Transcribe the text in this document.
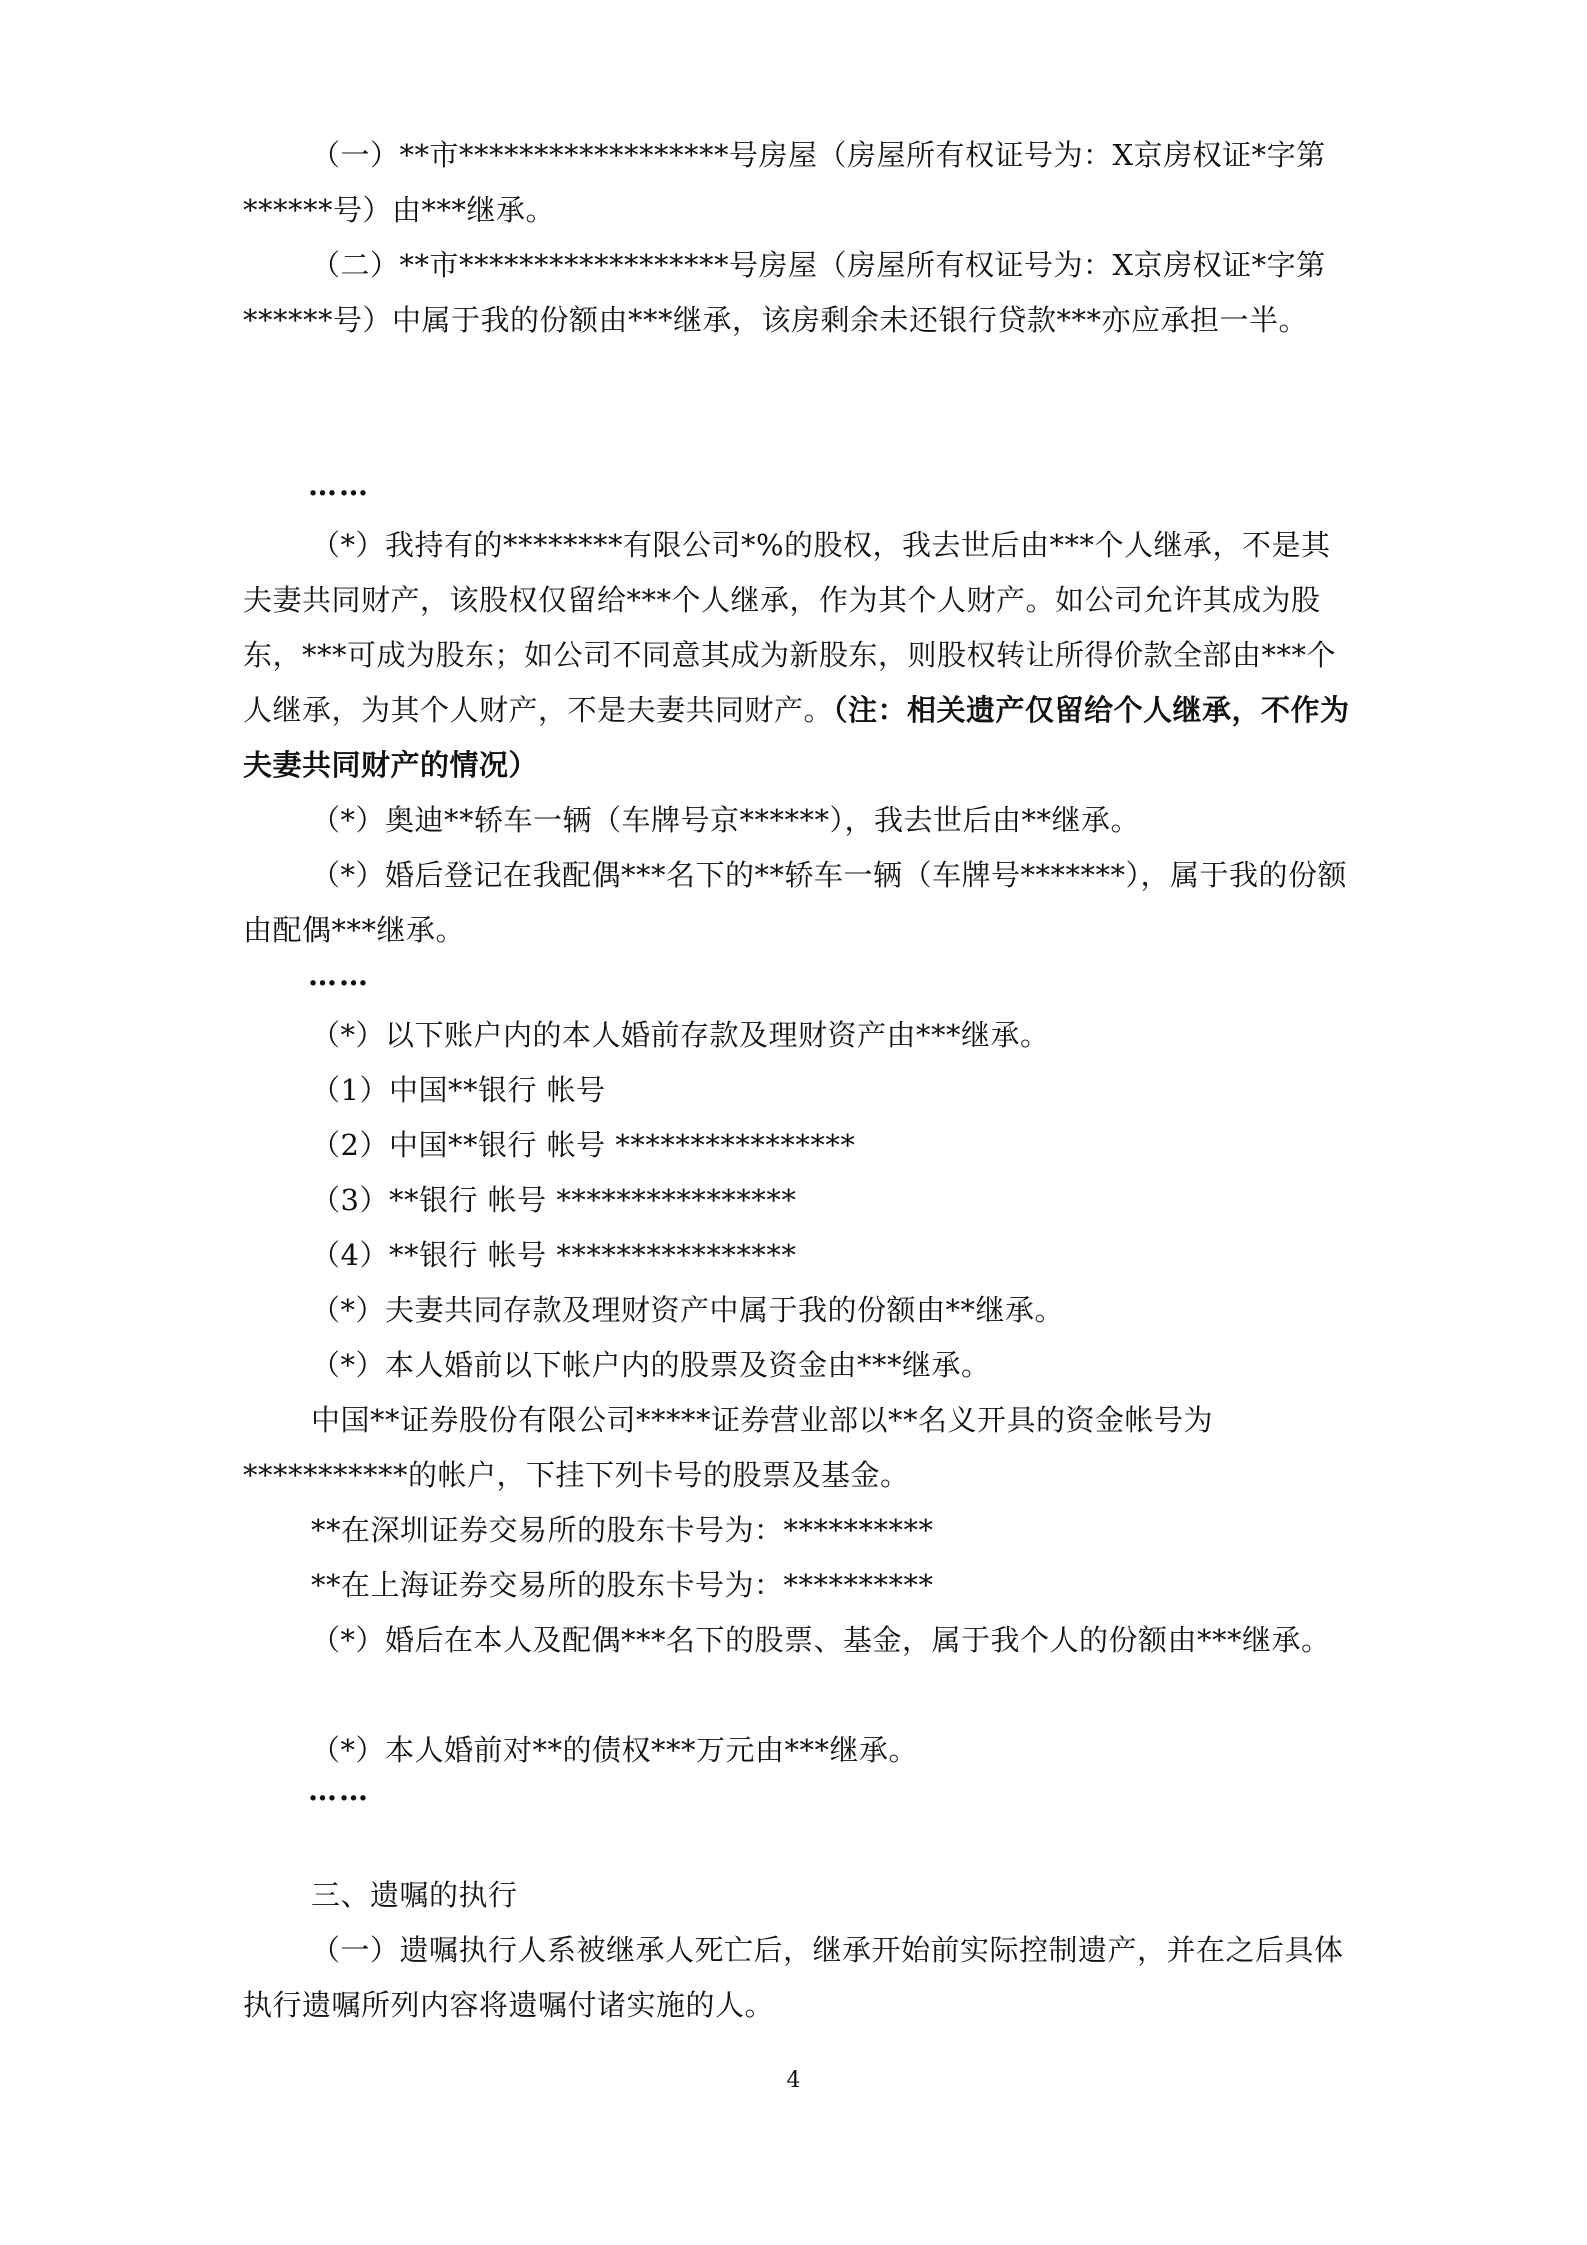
（一）**市******************号房屋（房屋所有权证号为：X京房权证*字第******号）由***继承。
（二）**市******************号房屋（房屋所有权证号为：X京房权证*字第******号）中属于我的份额由***继承，该房剩余未还银行贷款***亦应承担一半。
……
（*）我持有的********有限公司*%的股权，我去世后由***个人继承，不是其夫妻共同财产，该股权仅留给***个人继承，作为其个人财产。如公司允许其成为股东，***可成为股东；如公司不同意其成为新股东，则股权转让所得价款全部由***个人继承，为其个人财产，不是夫妻共同财产。（注：相关遗产仅留给个人继承，不作为夫妻共同财产的情况）
（*）奥迪**轿车一辆（车牌号京******），我去世后由**继承。
（*）婚后登记在我配偶***名下的**轿车一辆（车牌号*******），属于我的份额由配偶***继承。
……
（*）以下账户内的本人婚前存款及理财资产由***继承。
（1）中国**银行 帐号
（2）中国**银行 帐号 ****************
（3）**银行 帐号 ****************
（4）**银行 帐号 ****************
（*）夫妻共同存款及理财资产中属于我的份额由**继承。
（*）本人婚前以下帐户内的股票及资金由***继承。
中国**证券股份有限公司*****证券营业部以**名义开具的资金帐号为***********的帐户，下挂下列卡号的股票及基金。
**在深圳证券交易所的股东卡号为：**********
**在上海证券交易所的股东卡号为：**********
（*）婚后在本人及配偶***名下的股票、基金，属于我个人的份额由***继承。
（*）本人婚前对**的债权***万元由***继承。
……
三、遗嘱的执行
（一）遗嘱执行人系被继承人死亡后，继承开始前实际控制遗产，并在之后具体执行遗嘱所列内容将遗嘱付诸实施的人。
4
